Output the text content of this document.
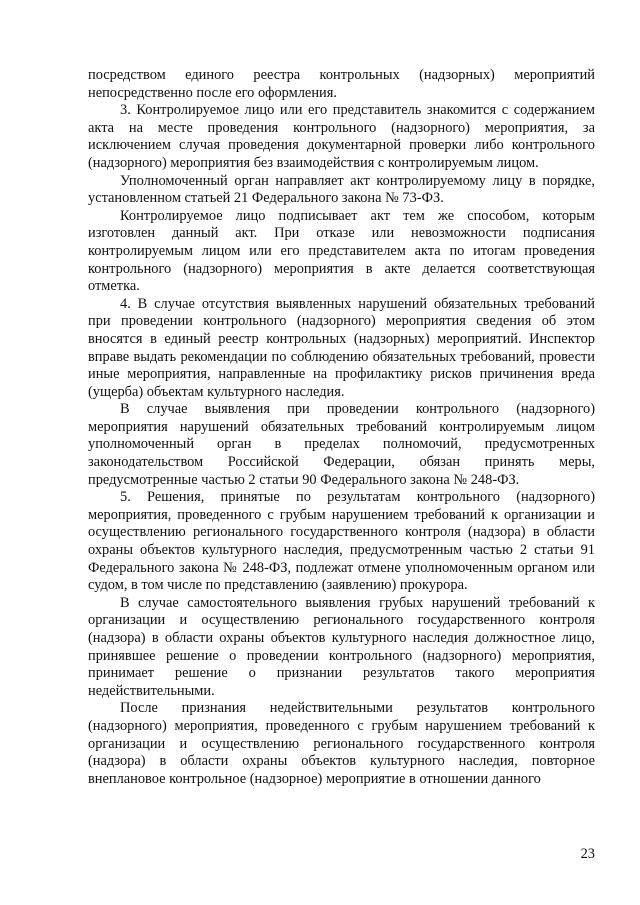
посредством единого реестра контрольных (надзорных) мероприятий непосредственно после его оформления.

3. Контролируемое лицо или его представитель знакомится с содержанием акта на месте проведения контрольного (надзорного) мероприятия, за исключением случая проведения документарной проверки либо контрольного (надзорного) мероприятия без взаимодействия с контролируемым лицом.

Уполномоченный орган направляет акт контролируемому лицу в порядке, установленном статьей 21 Федерального закона № 73-ФЗ.

Контролируемое лицо подписывает акт тем же способом, которым изготовлен данный акт. При отказе или невозможности подписания контролируемым лицом или его представителем акта по итогам проведения контрольного (надзорного) мероприятия в акте делается соответствующая отметка.

4. В случае отсутствия выявленных нарушений обязательных требований при проведении контрольного (надзорного) мероприятия сведения об этом вносятся в единый реестр контрольных (надзорных) мероприятий. Инспектор вправе выдать рекомендации по соблюдению обязательных требований, провести иные мероприятия, направленные на профилактику рисков причинения вреда (ущерба) объектам культурного наследия.

В случае выявления при проведении контрольного (надзорного) мероприятия нарушений обязательных требований контролируемым лицом уполномоченный орган в пределах полномочий, предусмотренных законодательством Российской Федерации, обязан принять меры, предусмотренные частью 2 статьи 90 Федерального закона № 248-ФЗ.

5. Решения, принятые по результатам контрольного (надзорного) мероприятия, проведенного с грубым нарушением требований к организации и осуществлению регионального государственного контроля (надзора) в области охраны объектов культурного наследия, предусмотренным частью 2 статьи 91 Федерального закона № 248-ФЗ, подлежат отмене уполномоченным органом или судом, в том числе по представлению (заявлению) прокурора.

В случае самостоятельного выявления грубых нарушений требований к организации и осуществлению регионального государственного контроля (надзора) в области охраны объектов культурного наследия должностное лицо, принявшее решение о проведении контрольного (надзорного) мероприятия, принимает решение о признании результатов такого мероприятия недействительными.

После признания недействительными результатов контрольного (надзорного) мероприятия, проведенного с грубым нарушением требований к организации и осуществлению регионального государственного контроля (надзора) в области охраны объектов культурного наследия, повторное внеплановое контрольное (надзорное) мероприятие в отношении данного

23
